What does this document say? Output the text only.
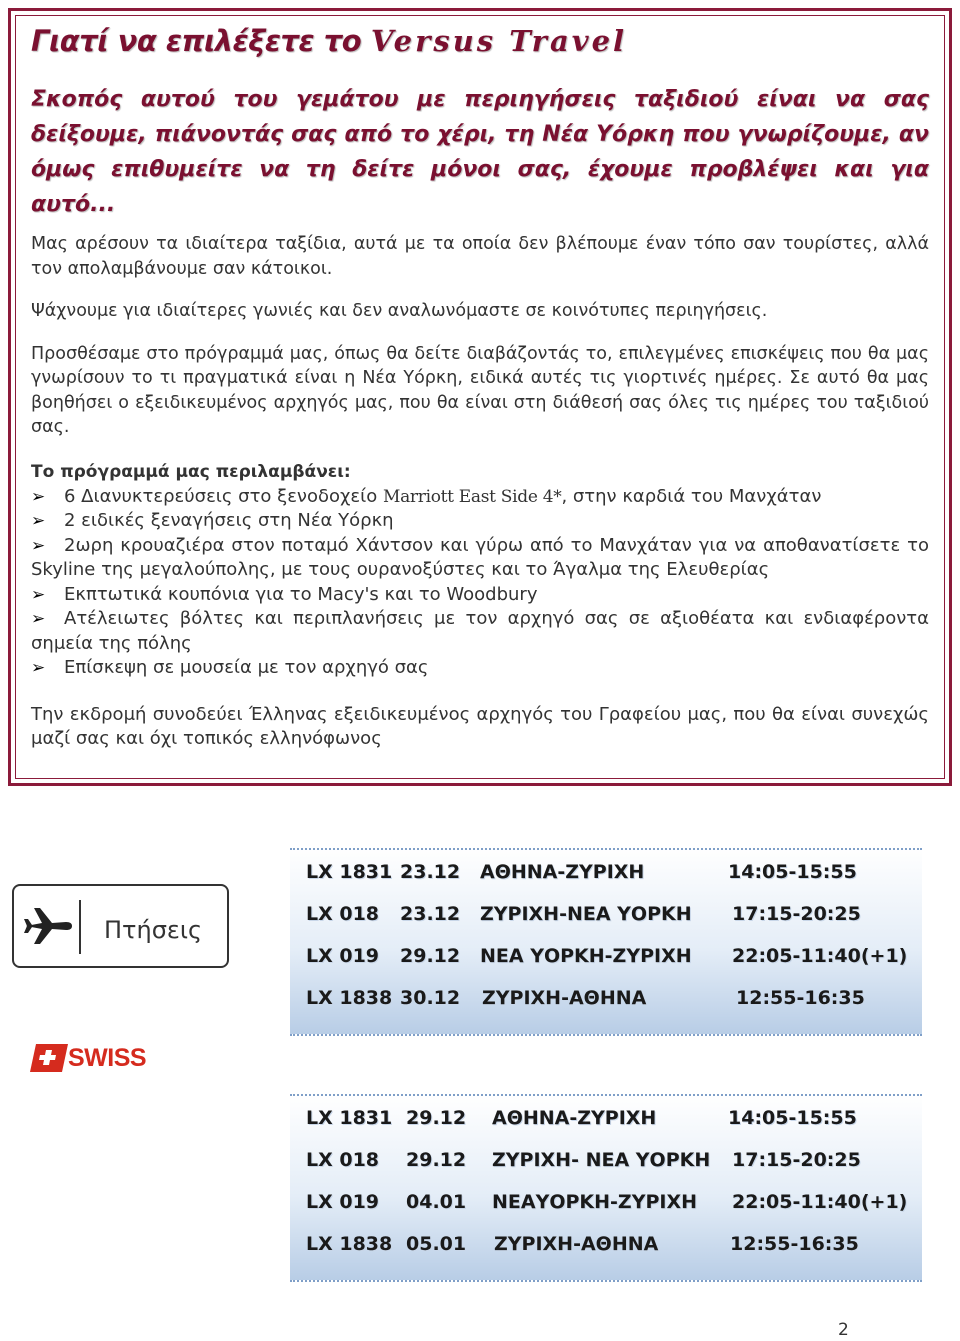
Γιατί να επιλέξετε το Versus Travel
Σκοπός αυτού του γεμάτου με περιηγήσεις ταξιδιού είναι να σας δείξουμε, πιάνοντάς σας από το χέρι, τη Νέα Υόρκη που γνωρίζουμε, αν όμως επιθυμείτε να τη δείτε μόνοι σας, έχουμε προβλέψει και για αυτό...

Μας αρέσουν τα ιδιαίτερα ταξίδια, αυτά με τα οποία δεν βλέπουμε έναν τόπο σαν τουρίστες, αλλά τον απολαμβάνουμε σαν κάτοικοι.

Ψάχνουμε για ιδιαίτερες γωνιές και δεν αναλωνόμαστε σε κοινότυπες περιηγήσεις.

Προσθέσαμε στο πρόγραμμά μας, όπως θα δείτε διαβάζοντάς το, επιλεγμένες επισκέψεις που θα μας γνωρίσουν το τι πραγματικά είναι η Νέα Υόρκη, ειδικά αυτές τις γιορτινές ημέρες. Σε αυτό θα μας βοηθήσει ο εξειδικευμένος αρχηγός μας, που θα είναι στη διάθεσή σας όλες τις ημέρες του ταξιδιού σας.

Το πρόγραμμά μας περιλαμβάνει:
➢ 6 Διανυκτερεύσεις στο ξενοδοχείο Marriott East Side 4*, στην καρδιά του Μανχάταν
➢ 2 ειδικές ξεναγήσεις στη Νέα Υόρκη
➢ 2ωρη κρουαζιέρα στον ποταμό Χάντσον και γύρω από το Μανχάταν για να αποθανατίσετε το Skyline της μεγαλούπολης, με τους ουρανοξύστες και το Άγαλμα της Ελευθερίας
➢ Εκπτωτικά κουπόνια για το Macy's και το Woodbury
➢ Ατέλειωτες βόλτες και περιπλανήσεις με τον αρχηγό σας σε αξιοθέατα και ενδιαφέροντα σημεία της πόλης
➢ Επίσκεψη σε μουσεία με τον αρχηγό σας
Την εκδρομή συνοδεύει Έλληνας εξειδικευμένος αρχηγός του Γραφείου μας, που θα είναι συνεχώς μαζί σας και όχι τοπικός ελληνόφωνος
Πτήσεις
SWISS
LX 1831 23.12 ΑΘΗΝΑ-ΖΥΡΙΧΗ	14:05-15:55
LX 018 23.12 ΖΥΡΙΧΗ-ΝΕΑ ΥΟΡΚΗ 17:15-20:25
LX 019 29.12 ΝΕΑ ΥΟΡΚΗ-ΖΥΡΙΧΗ 22:05-11:40(+1)
LX 1838 30.12 ΖΥΡΙΧΗ-ΑΘΗΝΑ	12:55-16:35
LX 1831 29.12 ΑΘΗΝΑ-ΖΥΡΙΧΗ	14:05-15:55
LX 018 29.12 ΖΥΡΙΧΗ- ΝΕΑ ΥΟΡΚΗ 17:15-20:25
LX 019 04.01 ΝΕΑΥΟΡΚΗ-ΖΥΡΙΧΗ 22:05-11:40(+1)
LX 1838 05.01 ΖΥΡΙΧΗ-ΑΘΗΝΑ	12:55-16:35
2
